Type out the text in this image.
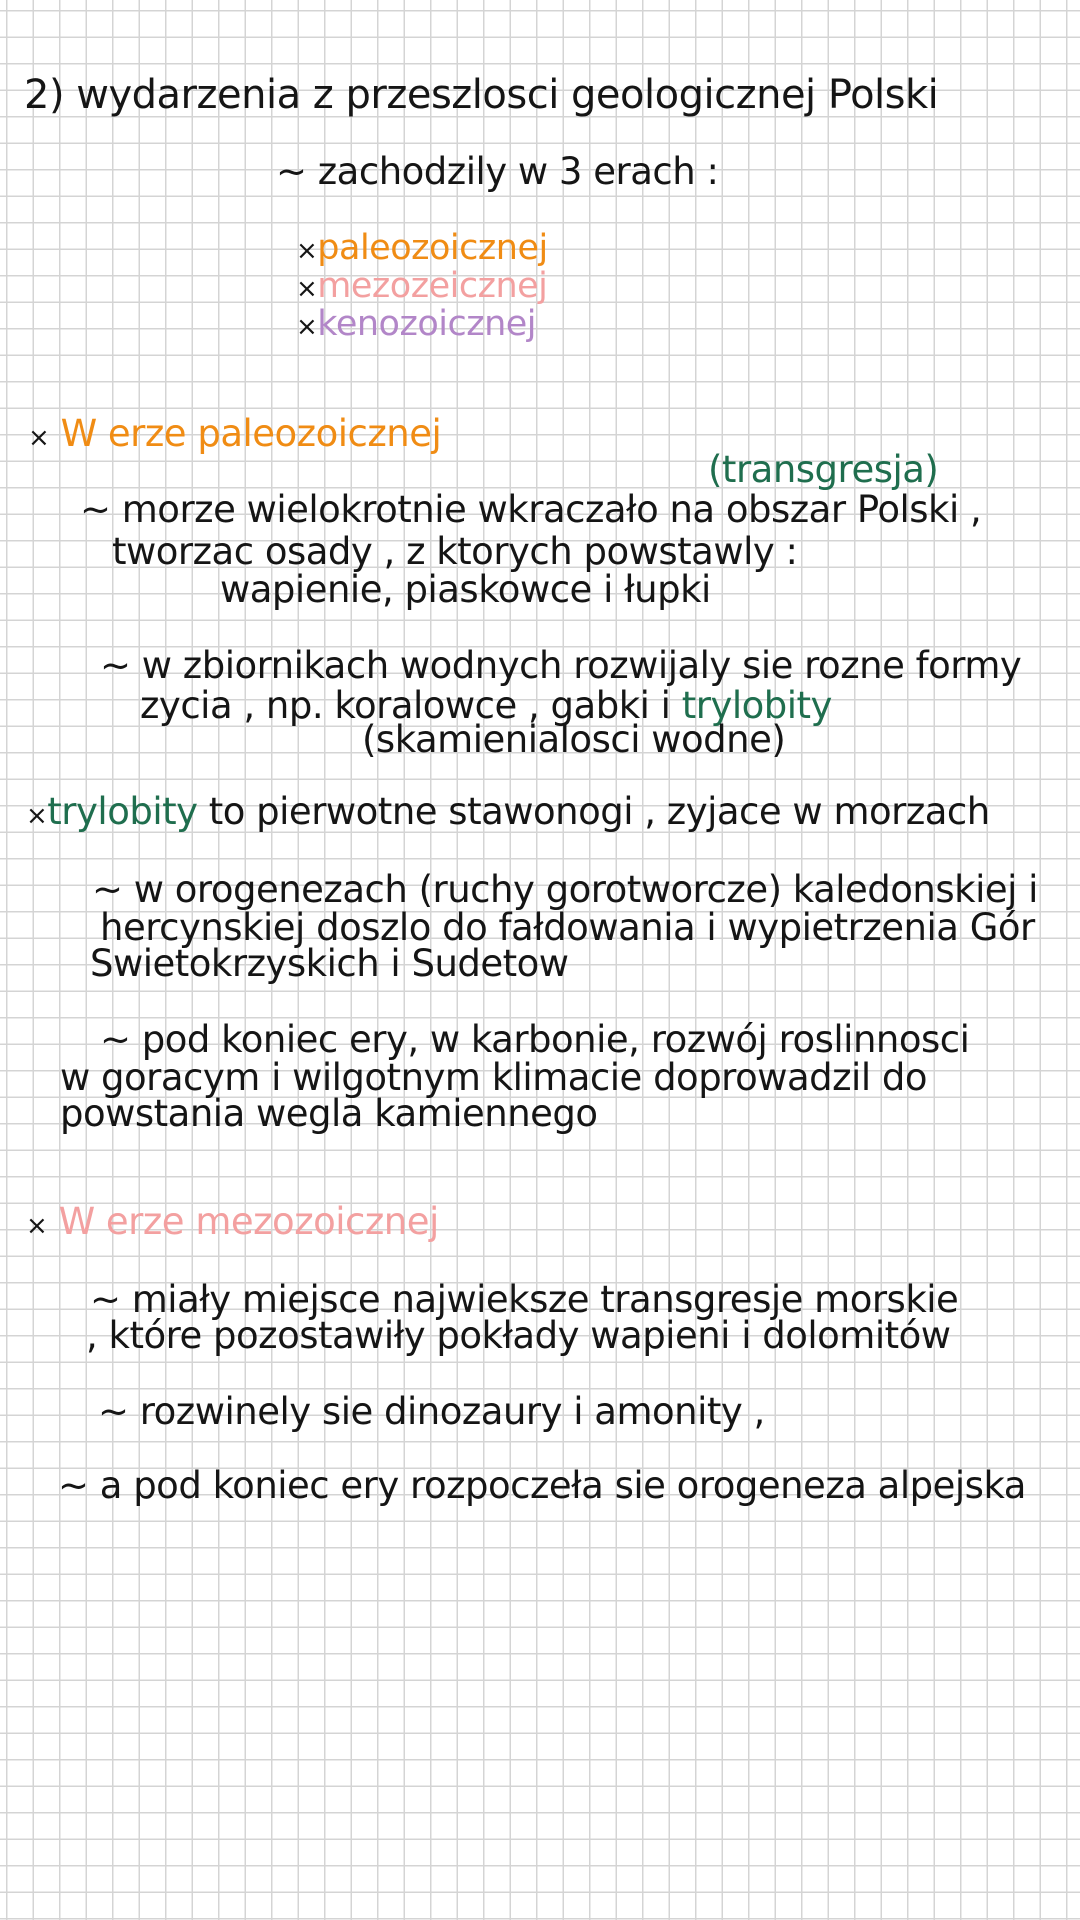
2) wydarzenia z przeszlosci geologicznej Polski
~ zachodzily w 3 erach :
×paleozoicznej
×mezozeicznej
×kenozoicznej
× W erze paleozoicznej
(transgresja)
~ morze wielokrotnie wkraczało na obszar Polski ,
tworzac osady , z ktorych powstawly :
wapienie, piaskowce i łupki
~ w zbiornikach wodnych rozwijaly sie rozne formy
zycia , np. koralowce , gabki i trylobity
(skamienialosci wodne)
×trylobity to pierwotne stawonogi , zyjace w morzach
~ w orogenezach (ruchy gorotworcze) kaledonskiej i
hercynskiej doszlo do fałdowania i wypietrzenia Gór
Swietokrzyskich i Sudetow
~ pod koniec ery, w karbonie, rozwój roslinnosci
w goracym i wilgotnym klimacie doprowadzil do
powstania wegla kamiennego
× W erze mezozoicznej
~ miały miejsce najwieksze transgresje morskie
, które pozostawiły pokłady wapieni i dolomitów
~ rozwinely sie dinozaury i amonity ,
~ a pod koniec ery rozpoczeła sie orogeneza alpejska
